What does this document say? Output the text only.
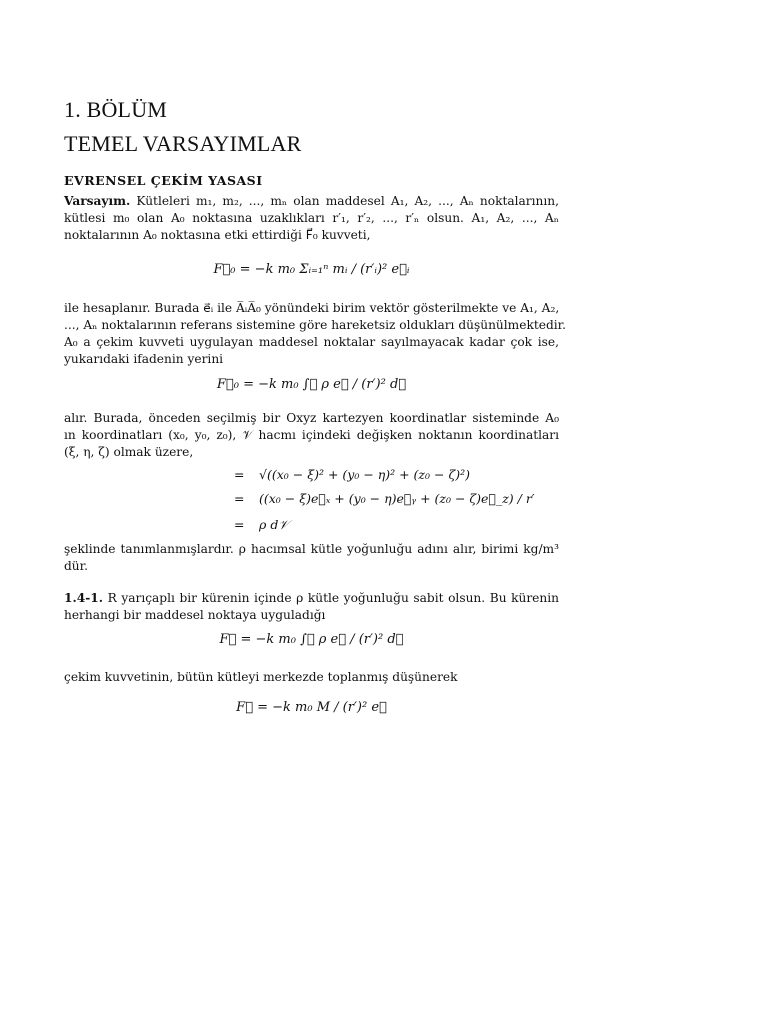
1. BÖLÜM
TEMEL VARSAYIMLAR
EVRENSEL ÇEKİM YASASI
Varsayım. Kütleleri m₁, m₂, ..., mₙ olan maddesel A₁, A₂, ..., Aₙ noktalarının,
kütlesi m₀ olan A₀ noktasına uzaklıkları r′₁, r′₂, ..., r′ₙ olsun. A₁, A₂, ..., Aₙ
noktalarının A₀ noktasına etki ettirdiği F⃗₀ kuvveti,
F⃗₀ = −k m₀ Σᵢ₌₁ⁿ mᵢ / (r′ᵢ)² e⃗ᵢ
ile hesaplanır. Burada e⃗ᵢ ile A̅ᵢA̅₀ yönündeki birim vektör gösterilmekte ve A₁, A₂,
..., Aₙ noktalarının referans sistemine göre hareketsiz oldukları düşünülmektedir.
A₀ a çekim kuvveti uygulayan maddesel noktalar sayılmayacak kadar çok ise,
yukarıdaki ifadenin yerini
F⃗₀ = −k m₀ ∫𝒱 ρ e⃗ / (r′)² d𝒱
alır. Burada, önceden seçilmiş bir Oxyz kartezyen koordinatlar sisteminde A₀
ın koordinatları (x₀, y₀, z₀), 𝒱 hacmı içindeki değişken noktanın koordinatları
(ξ, η, ζ) olmak üzere,
= √((x₀ − ξ)² + (y₀ − η)² + (z₀ − ζ)²)
= ((x₀ − ξ)e⃗ₓ + (y₀ − η)e⃗ᵧ + (z₀ − ζ)e⃗_z) / r′
= ρ d𝒱
şeklinde tanımlanmışlardır. ρ hacımsal kütle yoğunluğu adını alır, birimi kg/m³
dür.
1.4-1. R yarıçaplı bir kürenin içinde ρ kütle yoğunluğu sabit olsun. Bu kürenin
herhangi bir maddesel noktaya uyguladığı
F⃗ = −k m₀ ∫𝒱 ρ e⃗ / (r′)² d𝒱
çekim kuvvetinin, bütün kütleyi merkezde toplanmış düşünerek
F⃗ = −k m₀ M / (r′)² e⃗
